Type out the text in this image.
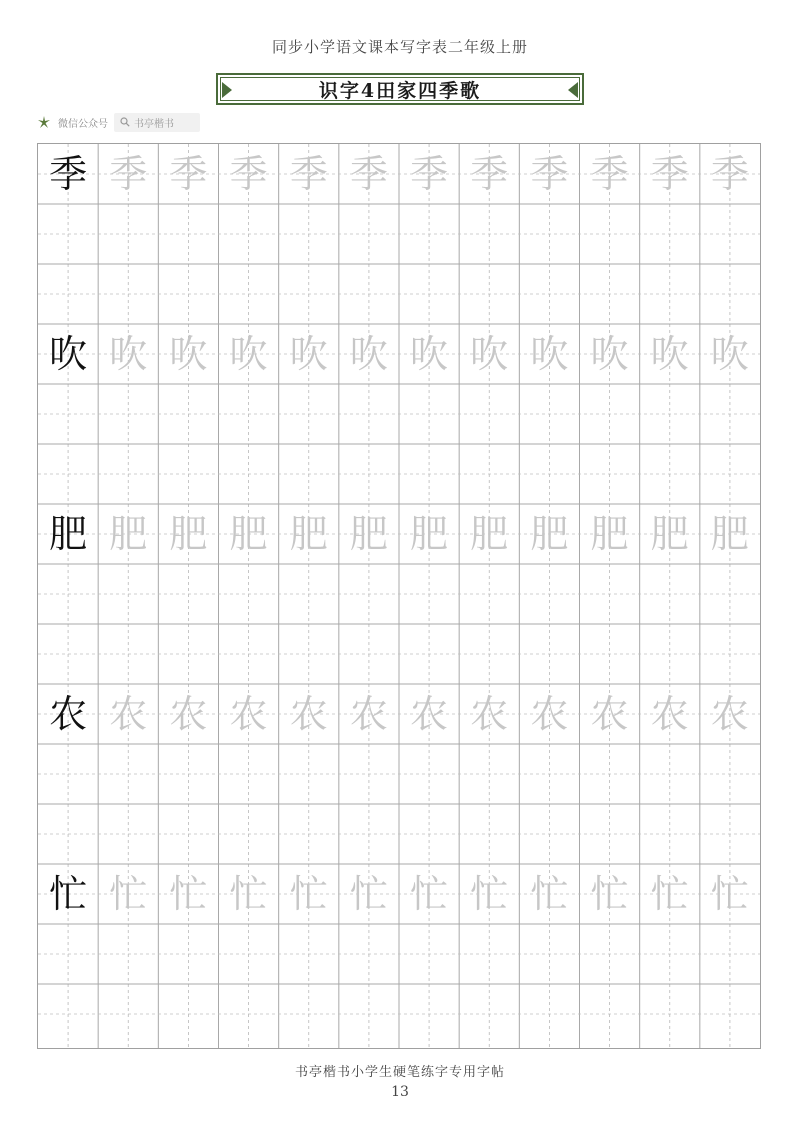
同步小学语文课本写字表二年级上册
识字4田家四季歌
微信公众号	书亭楷书
季 季 季 季 季 季 季 季 季 季 季 季
吹 吹 吹 吹 吹 吹 吹 吹 吹 吹 吹 吹
肥 肥 肥 肥 肥 肥 肥 肥 肥 肥 肥 肥
农 农 农 农 农 农 农 农 农 农 农 农
忙 忙 忙 忙 忙 忙 忙 忙 忙 忙 忙 忙
书亭楷书小学生硬笔练字专用字帖
13
